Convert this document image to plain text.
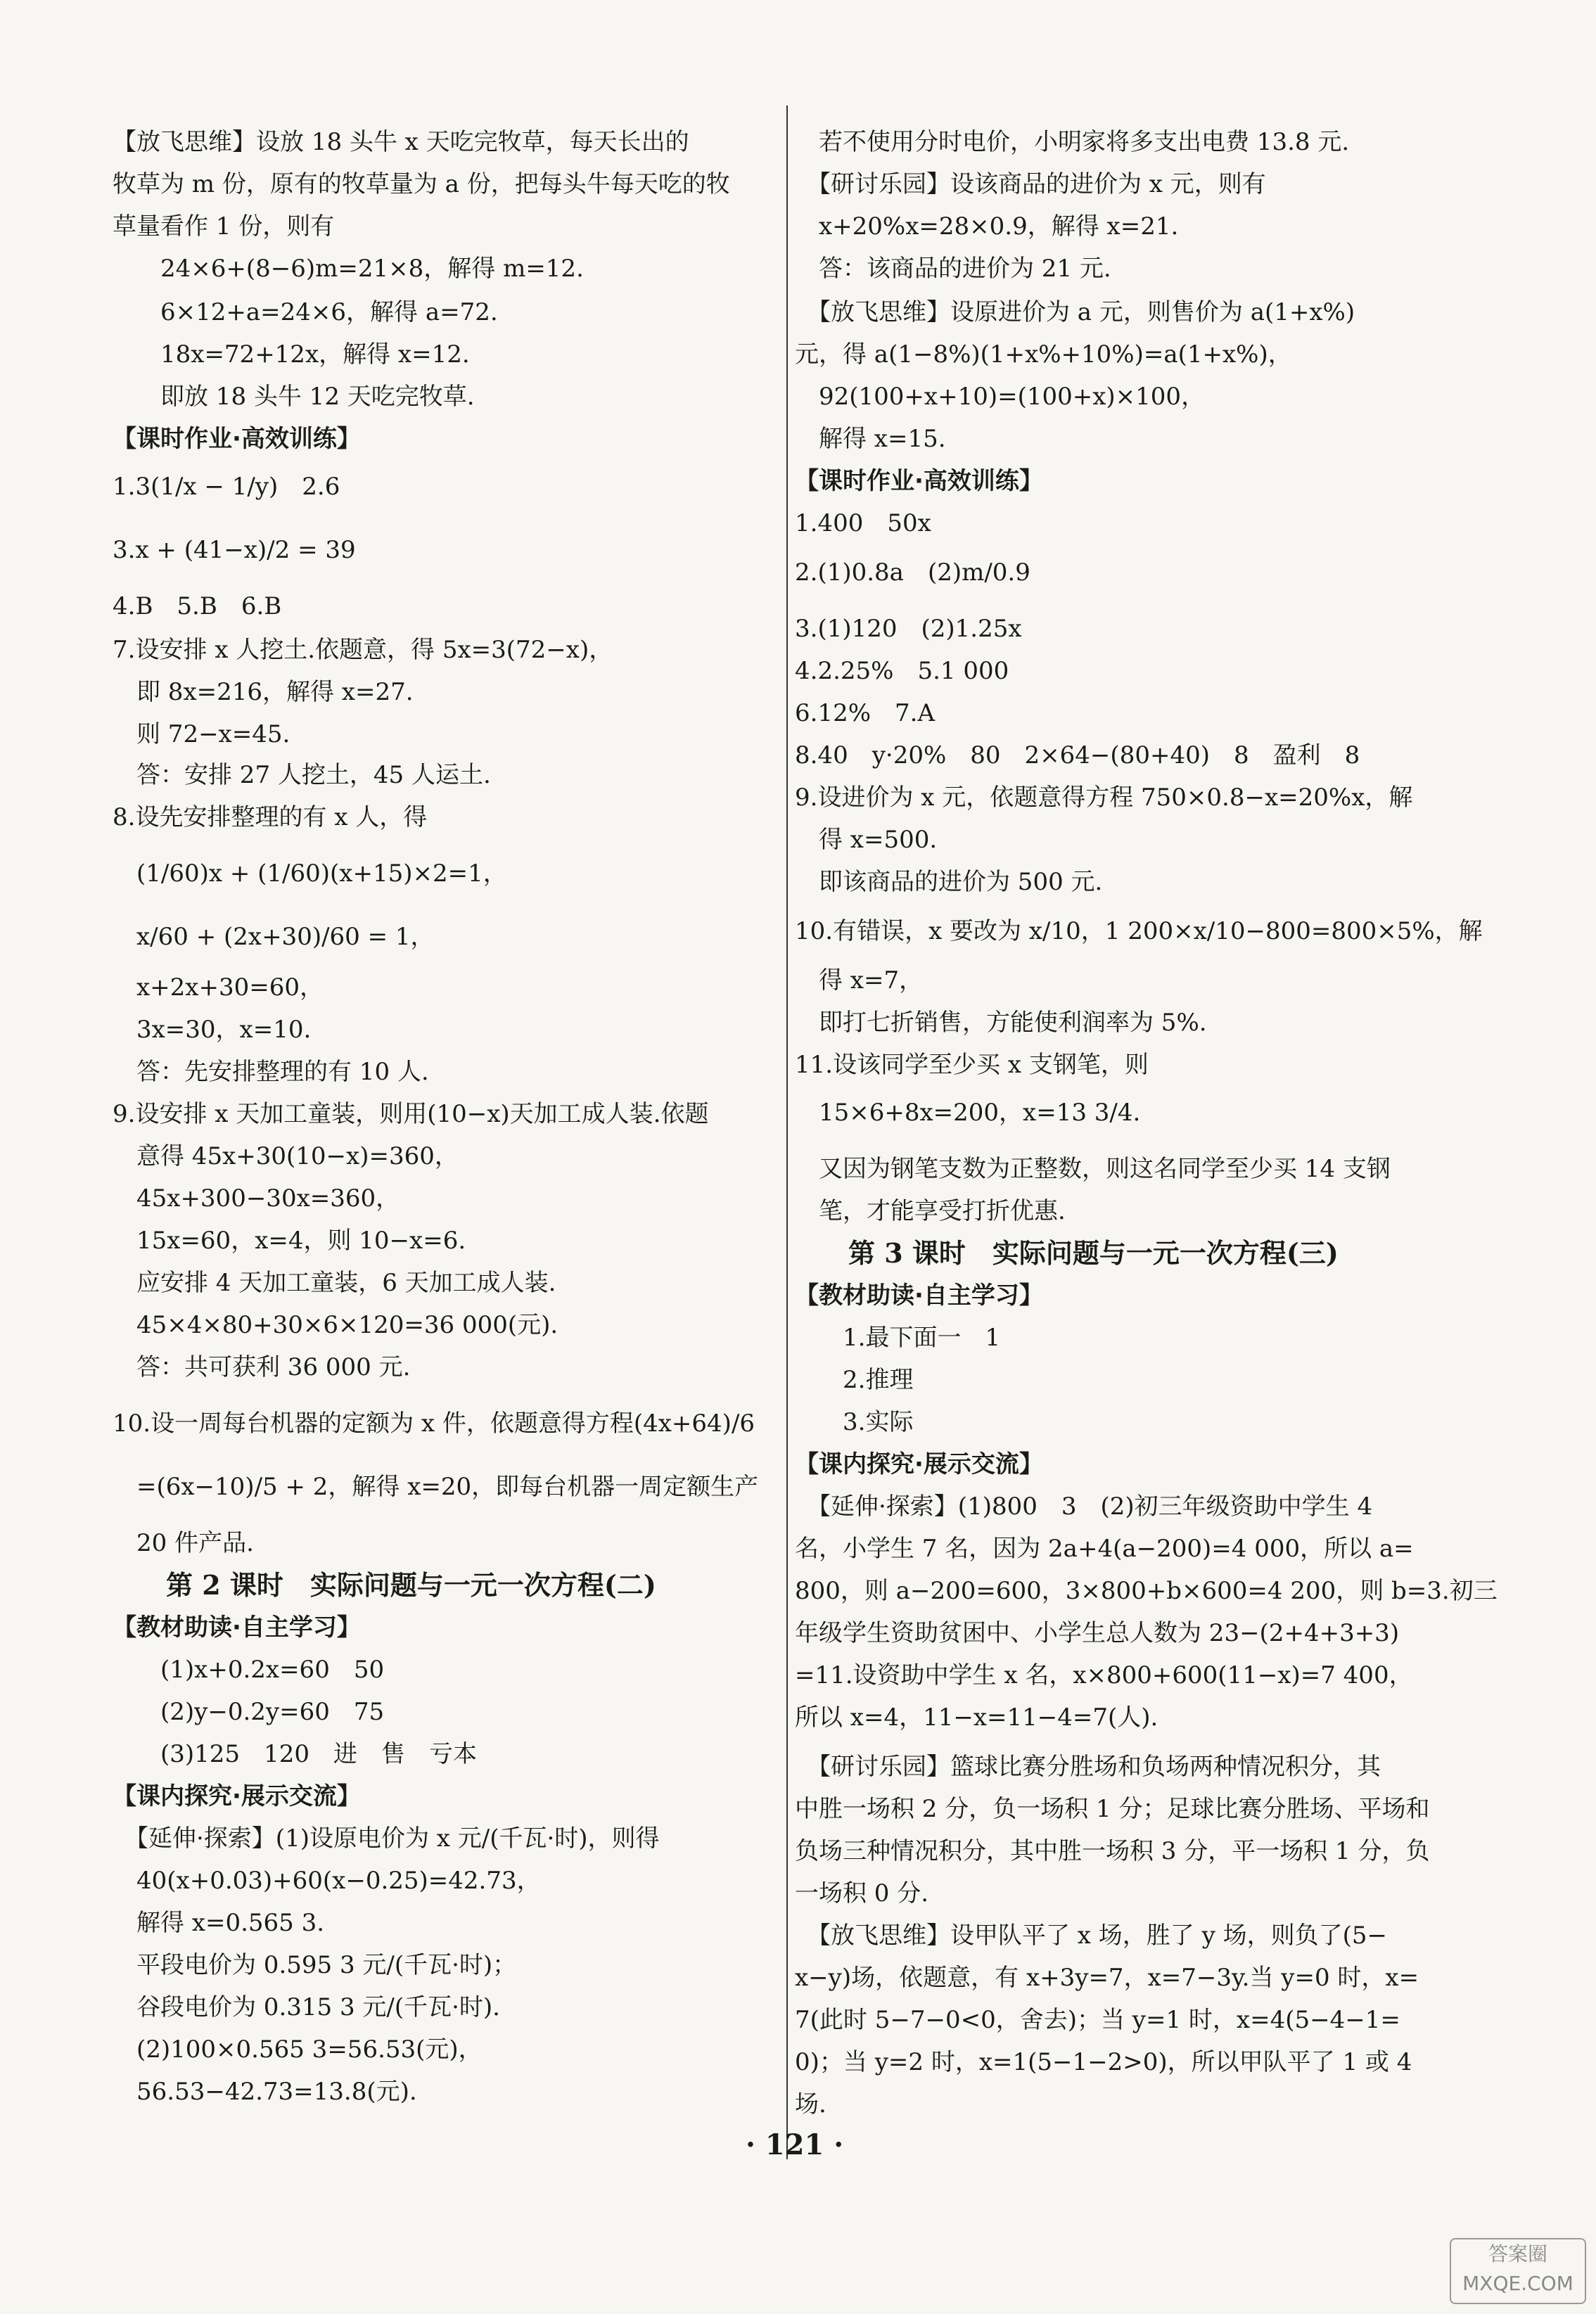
【放飞思维】设放 18 头牛 x 天吃完牧草，每天长出的
牧草为 m 份，原有的牧草量为 a 份，把每头牛每天吃的牧
草量看作 1 份，则有
　　24×6+(8−6)m=21×8，解得 m=12.
　　6×12+a=24×6，解得 a=72.
　　18x=72+12x，解得 x=12.
　　即放 18 头牛 12 天吃完牧草.
【课时作业·高效训练】
1.3(1/x − 1/y)　2.6
3.x + (41−x)/2 = 39
4.B　5.B　6.B
7.设安排 x 人挖土.依题意，得 5x=3(72−x)，
　即 8x=216，解得 x=27.
　则 72−x=45.
　答：安排 27 人挖土，45 人运土.
8.设先安排整理的有 x 人，得
　(1/60)x + (1/60)(x+15)×2=1，
　x/60 + (2x+30)/60 = 1，
　x+2x+30=60，
　3x=30，x=10.
　答：先安排整理的有 10 人.
9.设安排 x 天加工童装，则用(10−x)天加工成人装.依题
　意得 45x+30(10−x)=360，
　45x+300−30x=360，
　15x=60，x=4，则 10−x=6.
　应安排 4 天加工童装，6 天加工成人装.
　45×4×80+30×6×120=36 000(元).
　答：共可获利 36 000 元.
10.设一周每台机器的定额为 x 件，依题意得方程(4x+64)/6
　=(6x−10)/5 + 2，解得 x=20，即每台机器一周定额生产
　20 件产品.
　　第 2 课时　实际问题与一元一次方程(二)
【教材助读·自主学习】
　　(1)x+0.2x=60　50
　　(2)y−0.2y=60　75
　　(3)125　120　进　售　亏本
【课内探究·展示交流】
　【延伸·探索】(1)设原电价为 x 元/(千瓦·时)，则得
　40(x+0.03)+60(x−0.25)=42.73，
　解得 x=0.565 3.
　平段电价为 0.595 3 元/(千瓦·时)；
　谷段电价为 0.315 3 元/(千瓦·时).
　(2)100×0.565 3=56.53(元)，
　56.53−42.73=13.8(元).
　若不使用分时电价，小明家将多支出电费 13.8 元.
　【研讨乐园】设该商品的进价为 x 元，则有
　x+20%x=28×0.9，解得 x=21.
　答：该商品的进价为 21 元.
　【放飞思维】设原进价为 a 元，则售价为 a(1+x%)
元，得 a(1−8%)(1+x%+10%)=a(1+x%)，
　92(100+x+10)=(100+x)×100，
　解得 x=15.
【课时作业·高效训练】
1.400　50x
2.(1)0.8a　(2)m/0.9
3.(1)120　(2)1.25x
4.2.25%　5.1 000
6.12%　7.A
8.40　y·20%　80　2×64−(80+40)　8　盈利　8
9.设进价为 x 元，依题意得方程 750×0.8−x=20%x，解
　得 x=500.
　即该商品的进价为 500 元.
10.有错误，x 要改为 x/10，1 200×x/10−800=800×5%，解
　得 x=7，
　即打七折销售，方能使利润率为 5%.
11.设该同学至少买 x 支钢笔，则
　15×6+8x=200，x=13 3/4.
　又因为钢笔支数为正整数，则这名同学至少买 14 支钢
　笔，才能享受打折优惠.
　　第 3 课时　实际问题与一元一次方程(三)
【教材助读·自主学习】
　　1.最下面一　1
　　2.推理
　　3.实际
【课内探究·展示交流】
　【延伸·探索】(1)800　3　(2)初三年级资助中学生 4
名，小学生 7 名，因为 2a+4(a−200)=4 000，所以 a=
800，则 a−200=600，3×800+b×600=4 200，则 b=3.初三
年级学生资助贫困中、小学生总人数为 23−(2+4+3+3)
=11.设资助中学生 x 名，x×800+600(11−x)=7 400，
所以 x=4，11−x=11−4=7(人).
　【研讨乐园】篮球比赛分胜场和负场两种情况积分，其
中胜一场积 2 分，负一场积 1 分；足球比赛分胜场、平场和
负场三种情况积分，其中胜一场积 3 分，平一场积 1 分，负
一场积 0 分.
　【放飞思维】设甲队平了 x 场，胜了 y 场，则负了(5−
x−y)场，依题意，有 x+3y=7，x=7−3y.当 y=0 时，x=
7(此时 5−7−0<0，舍去)；当 y=1 时，x=4(5−4−1=
0)；当 y=2 时，x=1(5−1−2>0)，所以甲队平了 1 或 4
场.
· 121 ·
答案圈 MXQE.COM
